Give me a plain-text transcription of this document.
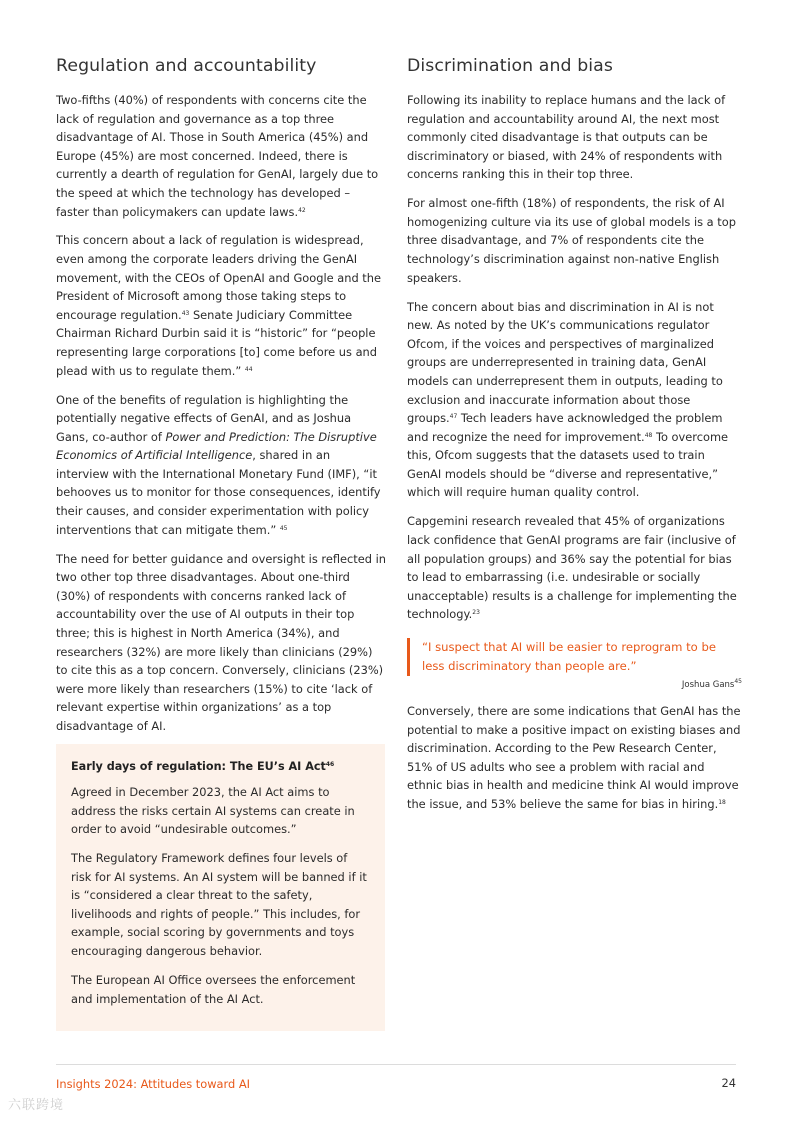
Regulation and accountability

Two-fifths (40%) of respondents with concerns cite the lack of regulation and governance as a top three disadvantage of AI. Those in South America (45%) and Europe (45%) are most concerned. Indeed, there is currently a dearth of regulation for GenAI, largely due to the speed at which the technology has developed – faster than policymakers can update laws.$^{42}$

This concern about a lack of regulation is widespread, even among the corporate leaders driving the GenAI movement, with the CEOs of OpenAI and Google and the President of Microsoft among those taking steps to encourage regulation.$^{43}$ Senate Judiciary Committee Chairman Richard Durbin said it is “historic” for “people representing large corporations [to] come before us and plead with us to regulate them.” $^{44}$

One of the benefits of regulation is highlighting the potentially negative effects of GenAI, and as Joshua Gans, co-author of Power and Prediction: The Disruptive Economics of Artificial Intelligence, shared in an interview with the International Monetary Fund (IMF), “it behooves us to monitor for those consequences, identify their causes, and consider experimentation with policy interventions that can mitigate them.” $^{45}$

The need for better guidance and oversight is reflected in two other top three disadvantages. About one-third (30%) of respondents with concerns ranked lack of accountability over the use of AI outputs in their top three; this is highest in North America (34%), and researchers (32%) are more likely than clinicians (29%) to cite this as a top concern. Conversely, clinicians (23%) were more likely than researchers (15%) to cite ‘lack of relevant expertise within organizations’ as a top disadvantage of AI.

Early days of regulation: The EU’s AI Act$^{46}$

Agreed in December 2023, the AI Act aims to address the risks certain AI systems can create in order to avoid “undesirable outcomes.”

The Regulatory Framework defines four levels of risk for AI systems. An AI system will be banned if it is “considered a clear threat to the safety, livelihoods and rights of people.” This includes, for example, social scoring by governments and toys encouraging dangerous behavior.

The European AI Office oversees the enforcement and implementation of the AI Act.

Discrimination and bias

Following its inability to replace humans and the lack of regulation and accountability around AI, the next most commonly cited disadvantage is that outputs can be discriminatory or biased, with 24% of respondents with concerns ranking this in their top three.

For almost one-fifth (18%) of respondents, the risk of AI homogenizing culture via its use of global models is a top three disadvantage, and 7% of respondents cite the technology’s discrimination against non-native English speakers.

The concern about bias and discrimination in AI is not new. As noted by the UK’s communications regulator Ofcom, if the voices and perspectives of marginalized groups are underrepresented in training data, GenAI models can underrepresent them in outputs, leading to exclusion and inaccurate information about those groups.$^{47}$ Tech leaders have acknowledged the problem and recognize the need for improvement.$^{48}$ To overcome this, Ofcom suggests that the datasets used to train GenAI models should be “diverse and representative,” which will require human quality control.

Capgemini research revealed that 45% of organizations lack confidence that GenAI programs are fair (inclusive of all population groups) and 36% say the potential for bias to lead to embarrassing (i.e. undesirable or socially unacceptable) results is a challenge for implementing the technology.$^{23}$

“I suspect that AI will be easier to reprogram to be less discriminatory than people are.”
Joshua Gans$^{45}$

Conversely, there are some indications that GenAI has the potential to make a positive impact on existing biases and discrimination. According to the Pew Research Center, 51% of US adults who see a problem with racial and ethnic bias in health and medicine think AI would improve the issue, and 53% believe the same for bias in hiring.$^{18}$

Insights 2024: Attitudes toward AI	24
六联跨境
